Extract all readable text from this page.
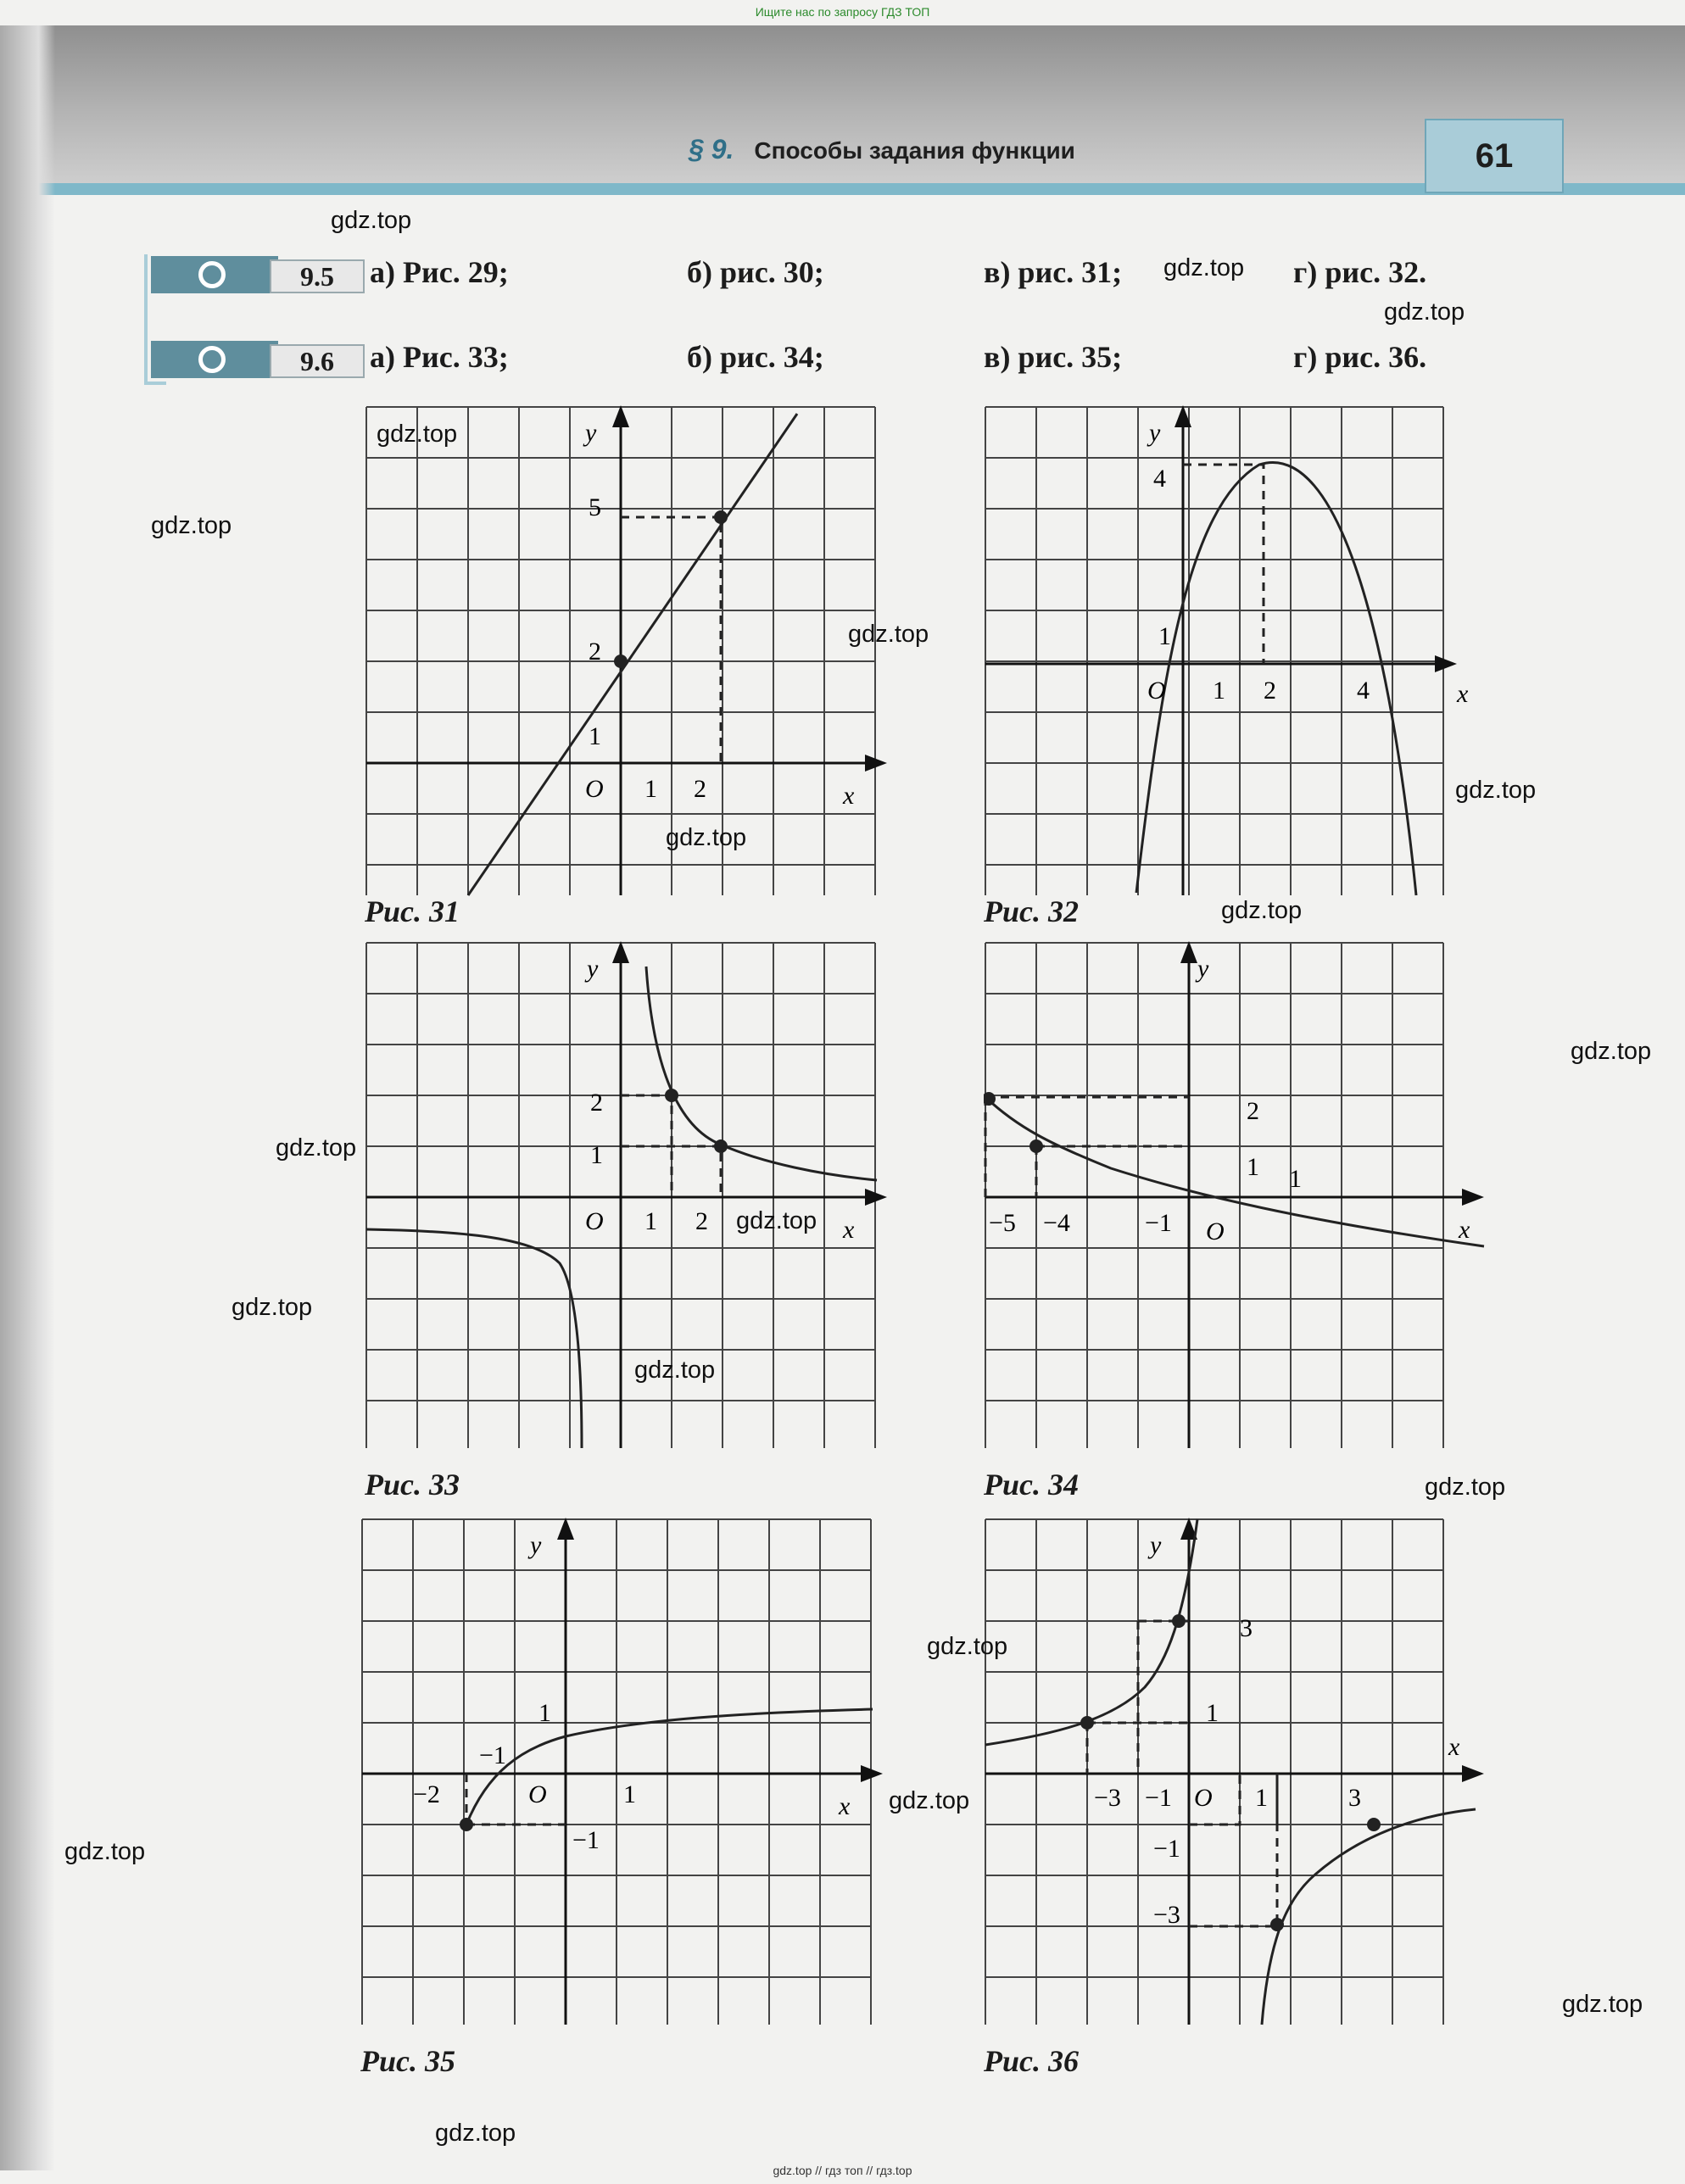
Ищите нас по запросу ГДЗ ТОП
§ 9. Способы задания функции	61
9.5	а) Рис. 29;	б) рис. 30;	в) рис. 31;	г) рис. 32.
9.6	а) Рис. 33;	б) рис. 34;	в) рис. 35;	г) рис. 36.
y
x
O
5
2
1
1 2
Рис. 31
y
x
O
4
1
1 2	4
Рис. 32
y
x
O
2
1
1 2
Рис. 33
y
x
O
2
1 1
−5 −4	−1
Рис. 34
y
x
O
1
−1
−2	1
−1
Рис. 35
y
x
O
3
1
−3 −1	1	3
−1
−3
Рис. 36
gdz.top
gdz.top
gdz.top
gdz.top
gdz.top
gdz.top
gdz.top
gdz.top
gdz.top
gdz.top
gdz.top
gdz.top
gdz.top
gdz.top
gdz.top
gdz.top
gdz.top
gdz.top
gdz.top
gdz.top
gdz.top // гдз топ // гдз.top
